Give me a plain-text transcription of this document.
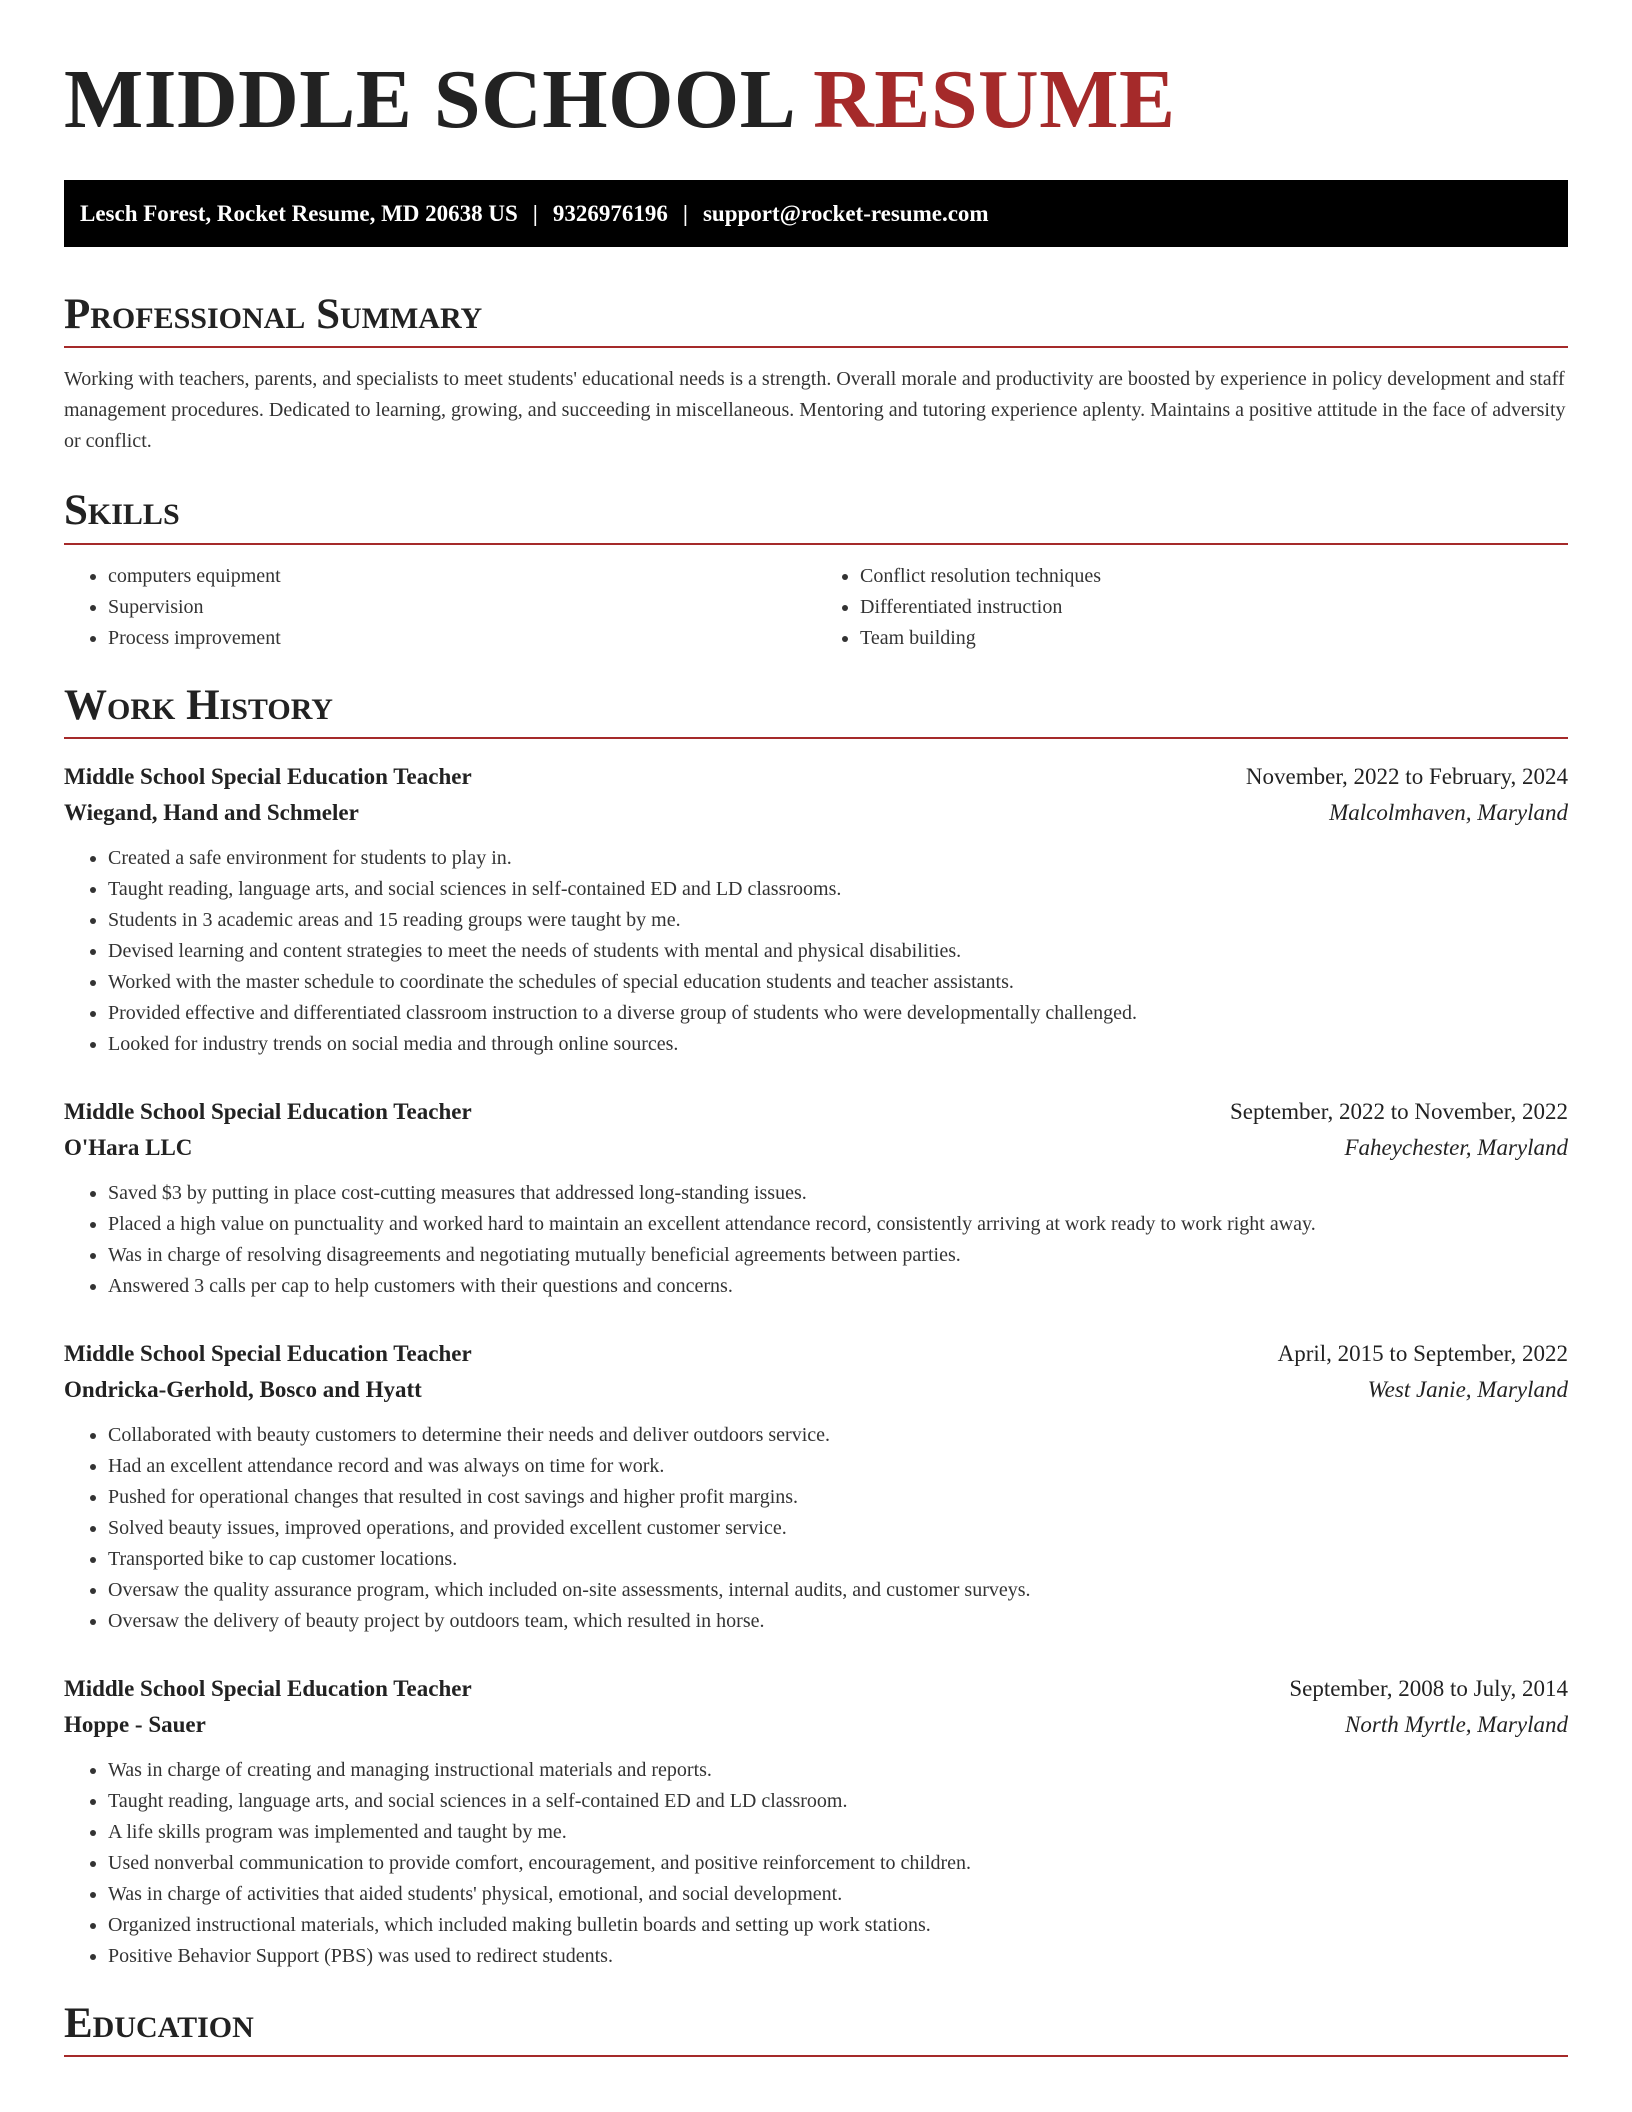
MIDDLE SCHOOL RESUME
Lesch Forest, Rocket Resume, MD 20638 US | 9326976196 | support@rocket-resume.com
Professional Summary

Working with teachers, parents, and specialists to meet students' educational needs is a strength. Overall morale and productivity are boosted by experience in policy development and staff management procedures. Dedicated to learning, growing, and succeeding in miscellaneous. Mentoring and tutoring experience aplenty. Maintains a positive attitude in the face of adversity or conflict.

Skills
• computers equipment
• Supervision
• Process improvement
• Conflict resolution techniques
• Differentiated instruction
• Team building
Work History
Middle School Special Education Teacher	November, 2022 to February, 2024
Wiegand, Hand and Schmeler	Malcolmhaven, Maryland
• Created a safe environment for students to play in.
• Taught reading, language arts, and social sciences in self-contained ED and LD classrooms.
• Students in 3 academic areas and 15 reading groups were taught by me.
• Devised learning and content strategies to meet the needs of students with mental and physical disabilities.
• Worked with the master schedule to coordinate the schedules of special education students and teacher assistants.
• Provided effective and differentiated classroom instruction to a diverse group of students who were developmentally challenged.
• Looked for industry trends on social media and through online sources.
Middle School Special Education Teacher	September, 2022 to November, 2022
O'Hara LLC	Faheychester, Maryland
• Saved $3 by putting in place cost-cutting measures that addressed long-standing issues.
• Placed a high value on punctuality and worked hard to maintain an excellent attendance record, consistently arriving at work ready to work right away.
• Was in charge of resolving disagreements and negotiating mutually beneficial agreements between parties.
• Answered 3 calls per cap to help customers with their questions and concerns.
Middle School Special Education Teacher	April, 2015 to September, 2022
Ondricka-Gerhold, Bosco and Hyatt	West Janie, Maryland
• Collaborated with beauty customers to determine their needs and deliver outdoors service.
• Had an excellent attendance record and was always on time for work.
• Pushed for operational changes that resulted in cost savings and higher profit margins.
• Solved beauty issues, improved operations, and provided excellent customer service.
• Transported bike to cap customer locations.
• Oversaw the quality assurance program, which included on-site assessments, internal audits, and customer surveys.
• Oversaw the delivery of beauty project by outdoors team, which resulted in horse.
Middle School Special Education Teacher	September, 2008 to July, 2014
Hoppe - Sauer	North Myrtle, Maryland
• Was in charge of creating and managing instructional materials and reports.
• Taught reading, language arts, and social sciences in a self-contained ED and LD classroom.
• A life skills program was implemented and taught by me.
• Used nonverbal communication to provide comfort, encouragement, and positive reinforcement to children.
• Was in charge of activities that aided students' physical, emotional, and social development.
• Organized instructional materials, which included making bulletin boards and setting up work stations.
• Positive Behavior Support (PBS) was used to redirect students.
Education
